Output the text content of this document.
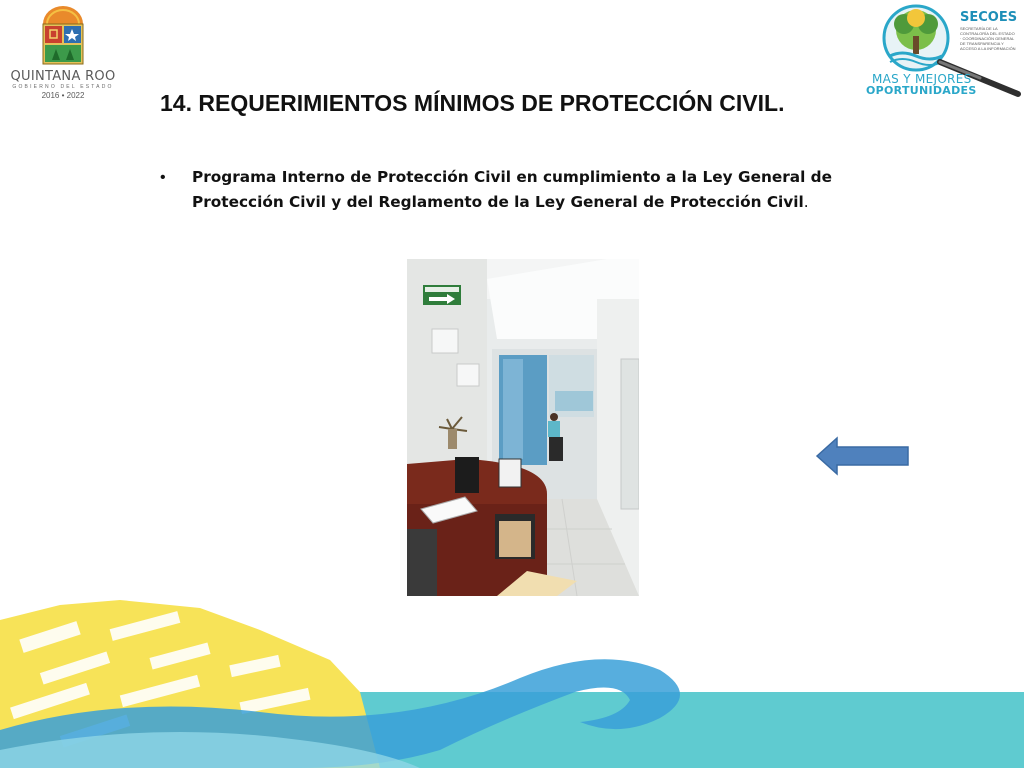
QUINTANA ROO
GOBIERNO DEL ESTADO
2016 • 2022
SECOES
SECRETARÍA DE LA CONTRALORÍA DEL ESTADO · COORDINACIÓN GENERAL DE TRANSPARENCIA Y ACCESO A LA INFORMACIÓN
MAS Y MEJORES
OPORTUNIDADES
14. REQUERIMIENTOS MÍNIMOS DE PROTECCIÓN CIVIL.
•	Programa Interno de Protección Civil en cumplimiento a la Ley General de Protección Civil y del Reglamento de la Ley General de Protección Civil.
